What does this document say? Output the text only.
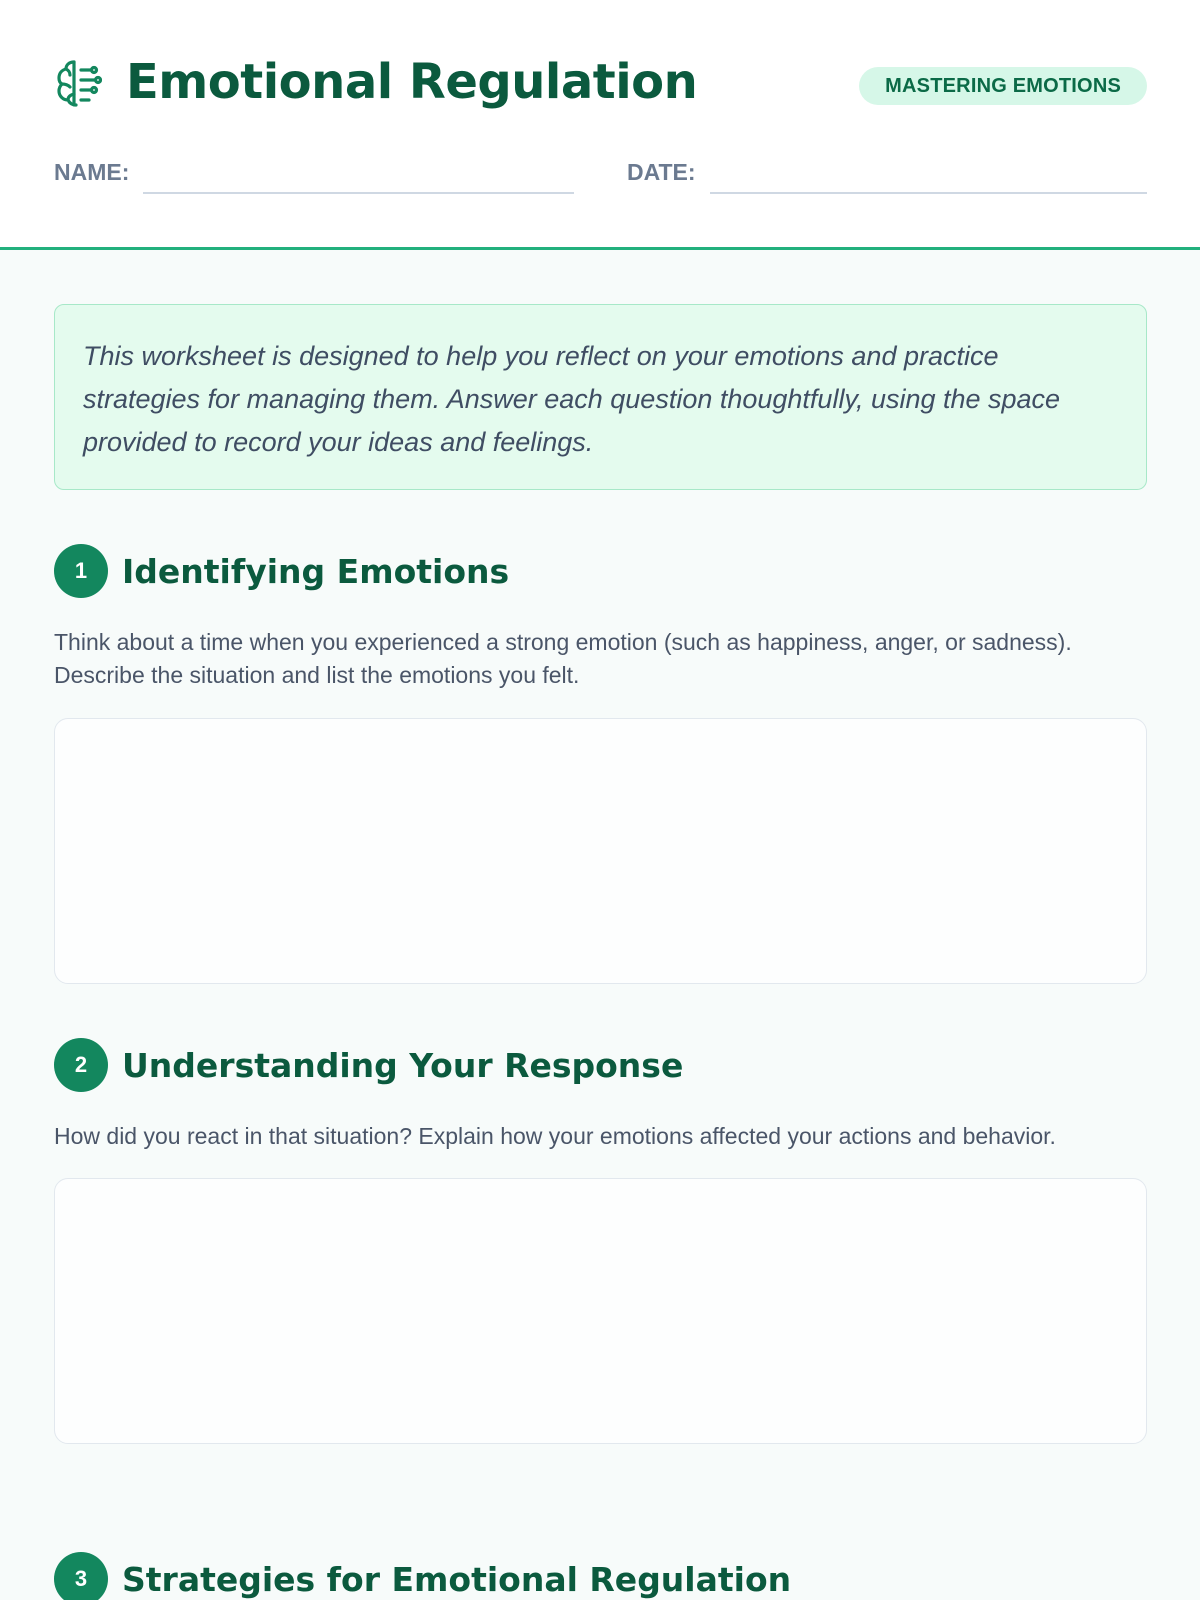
Emotional Regulation	MASTERING EMOTIONS
NAME:	DATE:

This worksheet is designed to help you reflect on your emotions and practice strategies for managing them. Answer each question thoughtfully, using the space provided to record your ideas and feelings.

1	Identifying Emotions

Think about a time when you experienced a strong emotion (such as happiness, anger, or sadness). Describe the situation and list the emotions you felt.

2	Understanding Your Response

How did you react in that situation? Explain how your emotions affected your actions and behavior.

3	Strategies for Emotional Regulation
